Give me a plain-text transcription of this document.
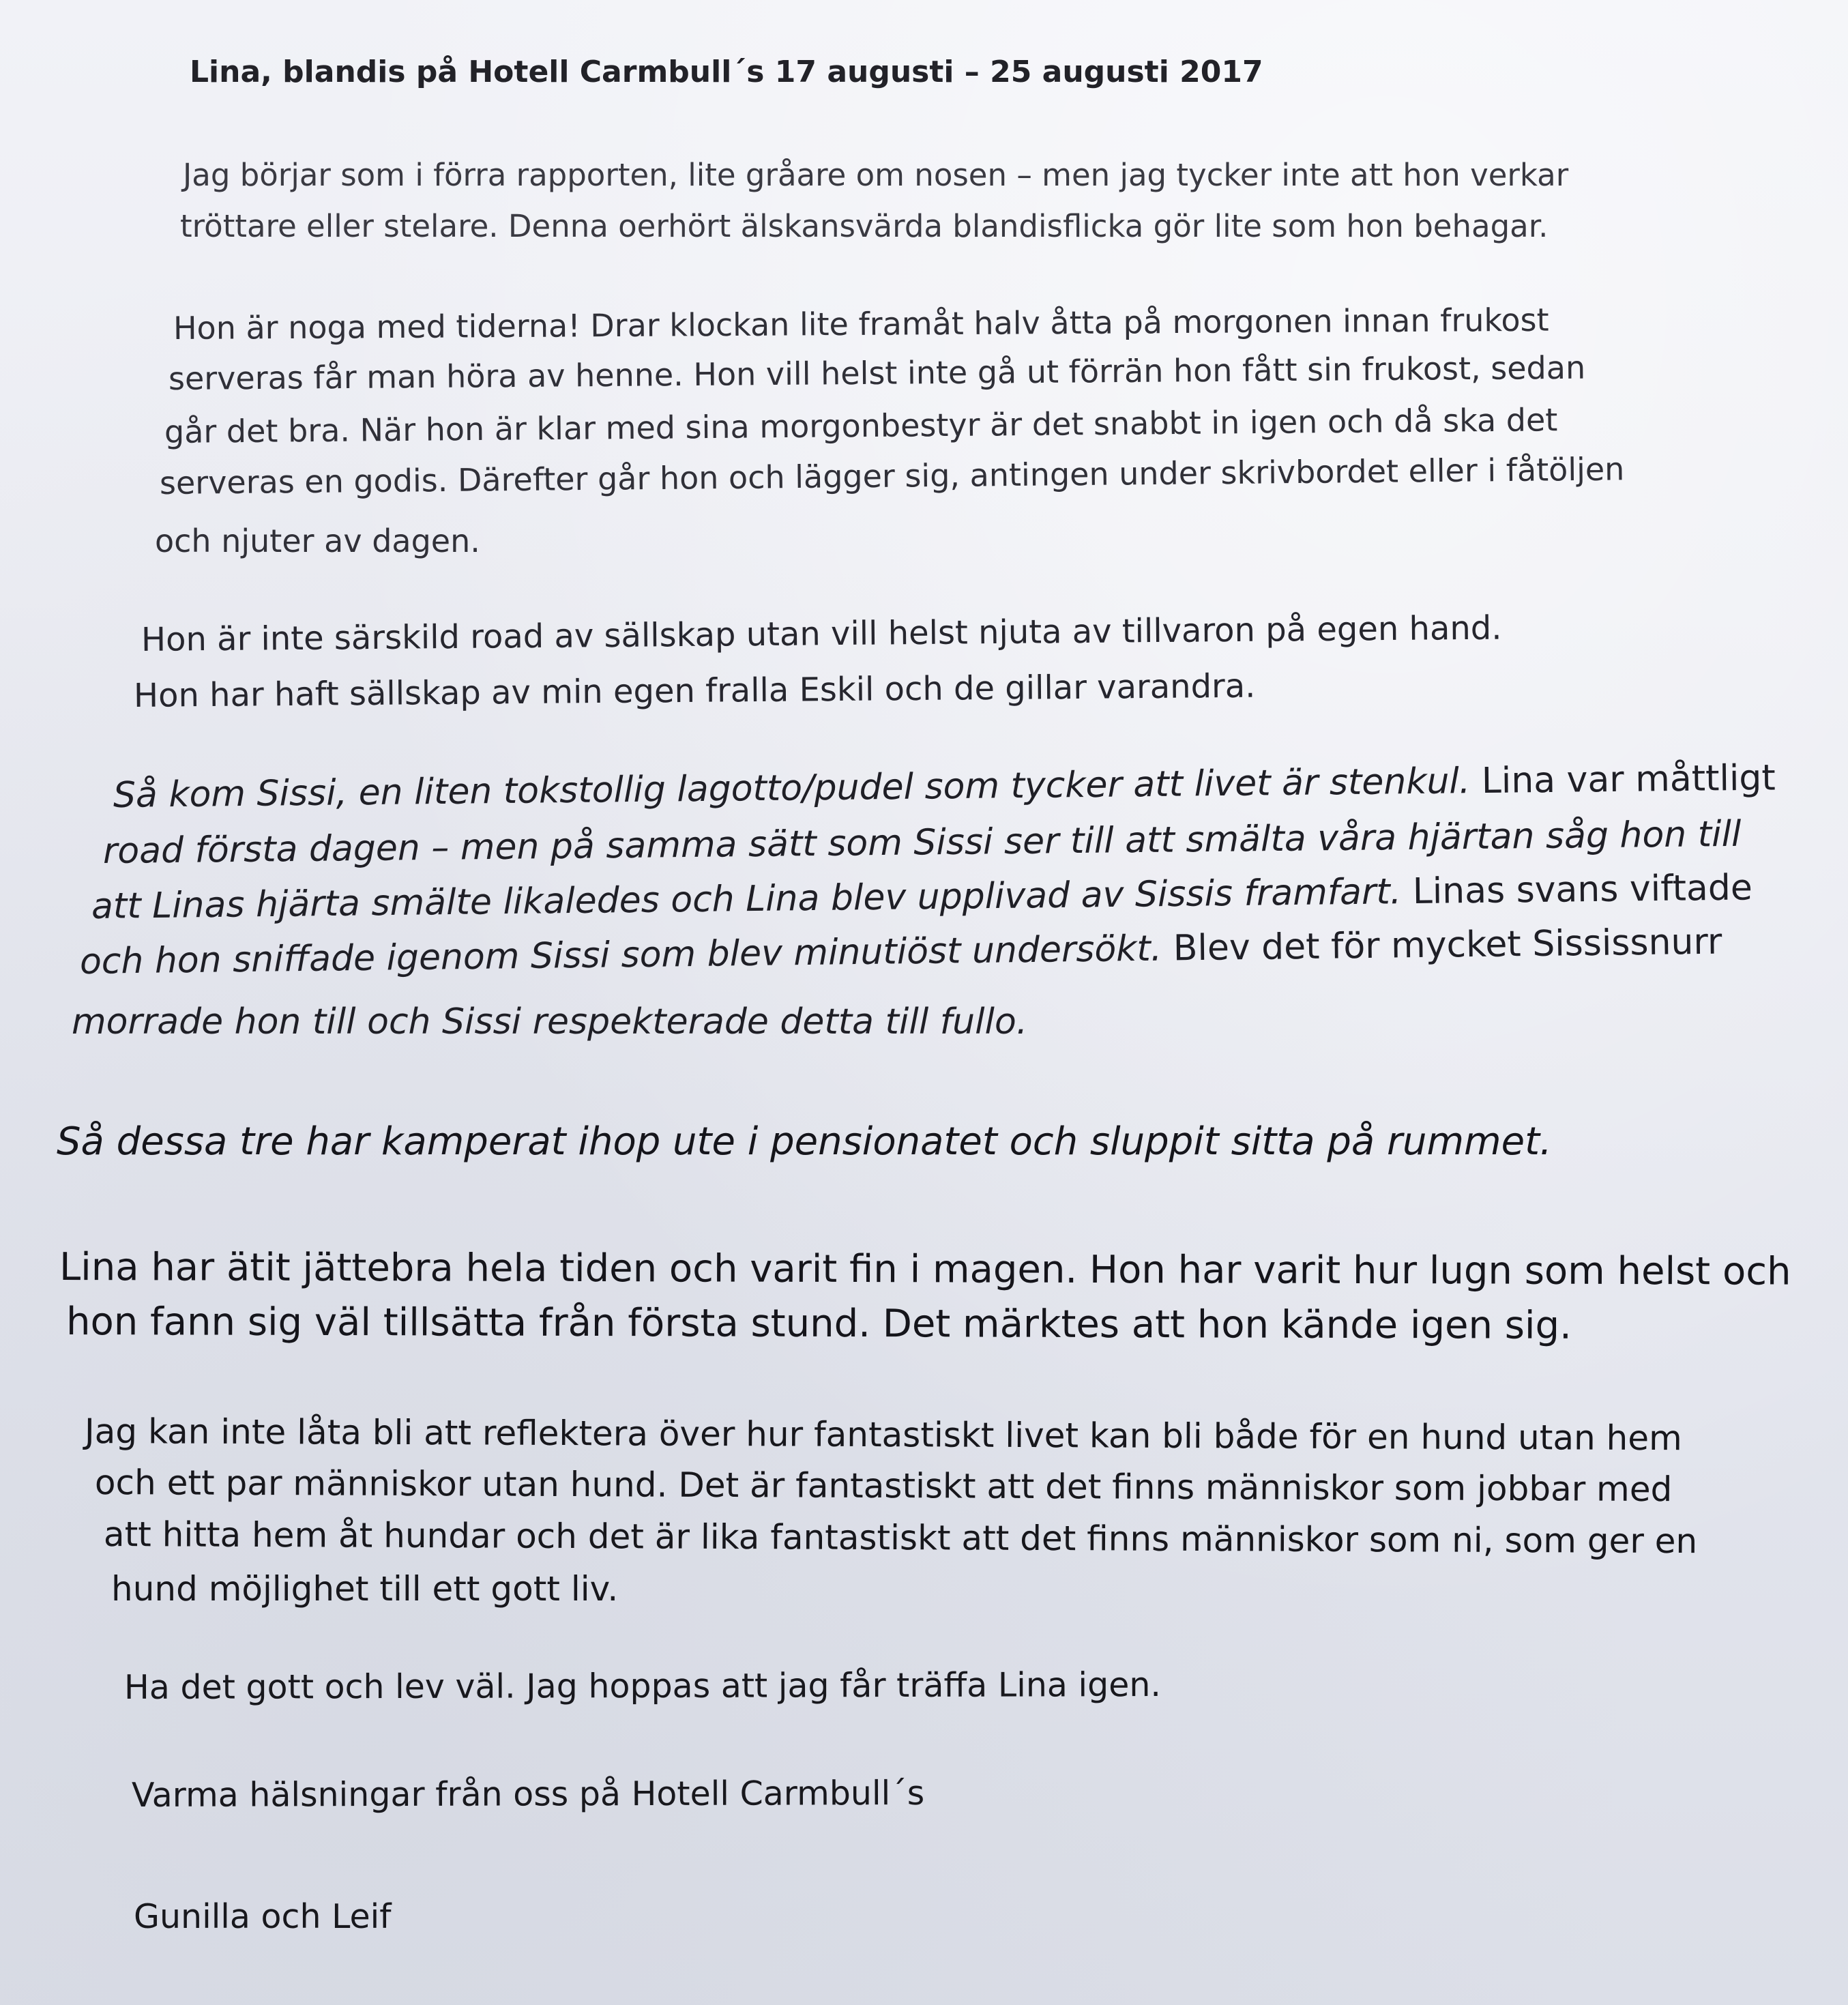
Lina, blandis på Hotell Carmbull´s 17 augusti – 25 augusti 2017

Jag börjar som i förra rapporten, lite gråare om nosen – men jag tycker inte att hon verkar

tröttare eller stelare. Denna oerhört älskansvärda blandisflicka gör lite som hon behagar.

Hon är noga med tiderna! Drar klockan lite framåt halv åtta på morgonen innan frukost

serveras får man höra av henne. Hon vill helst inte gå ut förrän hon fått sin frukost, sedan

går det bra. När hon är klar med sina morgonbestyr är det snabbt in igen och då ska det

serveras en godis. Därefter går hon och lägger sig, antingen under skrivbordet eller i fåtöljen

och njuter av dagen.

Hon är inte särskild road av sällskap utan vill helst njuta av tillvaron på egen hand.

Hon har haft sällskap av min egen fralla Eskil och de gillar varandra.

Så kom Sissi, en liten tokstollig lagotto/pudel som tycker att livet är stenkul. Lina var måttligt

road första dagen – men på samma sätt som Sissi ser till att smälta våra hjärtan såg hon till

att Linas hjärta smälte likaledes och Lina blev upplivad av Sissis framfart. Linas svans viftade

och hon sniffade igenom Sissi som blev minutiöst undersökt. Blev det för mycket Sississnurr

morrade hon till och Sissi respekterade detta till fullo.

Så dessa tre har kamperat ihop ute i pensionatet och sluppit sitta på rummet.

Lina har ätit jättebra hela tiden och varit fin i magen. Hon har varit hur lugn som helst och

hon fann sig väl tillsätta från första stund. Det märktes att hon kände igen sig.

Jag kan inte låta bli att reflektera över hur fantastiskt livet kan bli både för en hund utan hem

och ett par människor utan hund. Det är fantastiskt att det finns människor som jobbar med

att hitta hem åt hundar och det är lika fantastiskt att det finns människor som ni, som ger en

hund möjlighet till ett gott liv.

Ha det gott och lev väl. Jag hoppas att jag får träffa Lina igen.

Varma hälsningar från oss på Hotell Carmbull´s

Gunilla och Leif
